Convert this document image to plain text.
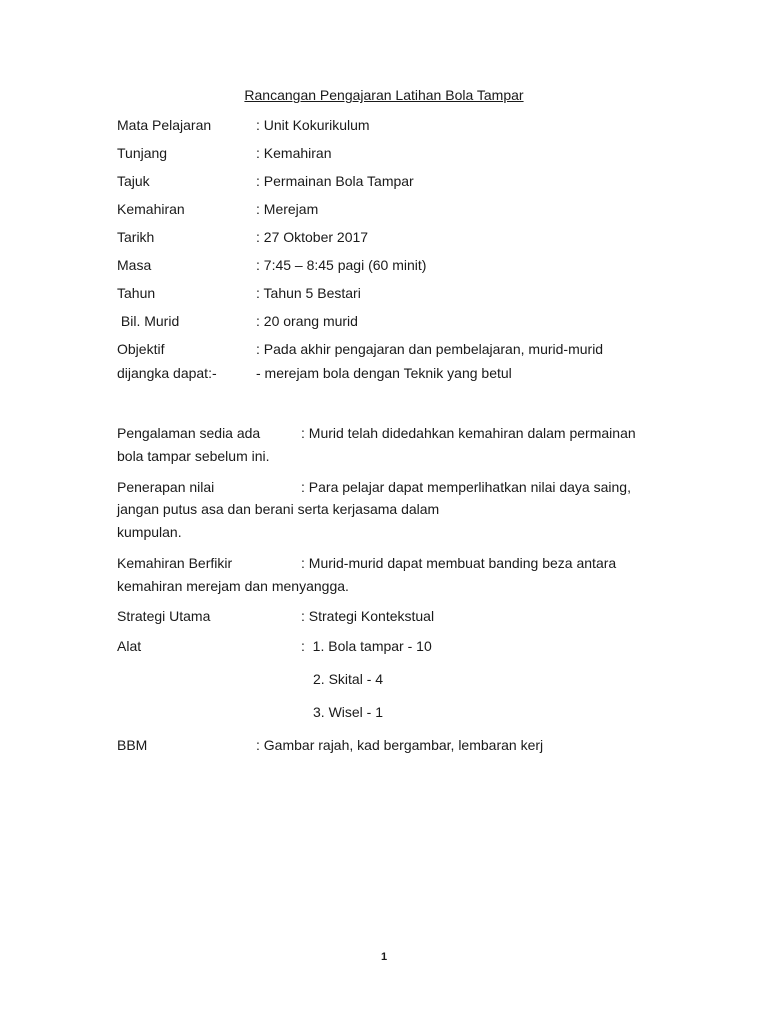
Rancangan Pengajaran Latihan Bola Tampar
Mata Pelajaran	: Unit Kokurikulum
Tunjang	: Kemahiran
Tajuk	: Permainan Bola Tampar
Kemahiran	: Merejam
Tarikh	: 27 Oktober 2017
Masa	: 7:45 – 8:45 pagi (60 minit)
Tahun	: Tahun 5 Bestari
Bil. Murid	: 20 orang murid
Objektif	: Pada akhir pengajaran dan pembelajaran, murid-murid
dijangka dapat:-	- merejam bola dengan Teknik yang betul
Pengalaman sedia ada	: Murid telah didedahkan kemahiran dalam permainan
bola tampar sebelum ini.
Penerapan nilai	: Para pelajar dapat memperlihatkan nilai daya saing,
jangan putus asa dan berani serta kerjasama dalam
kumpulan.
Kemahiran Berfikir	: Murid-murid dapat membuat banding beza antara
kemahiran merejam dan menyangga.
Strategi Utama	: Strategi Kontekstual
Alat	:  1. Bola tampar - 10
2. Skital - 4
3. Wisel - 1
BBM	: Gambar rajah, kad bergambar, lembaran kerj
1
